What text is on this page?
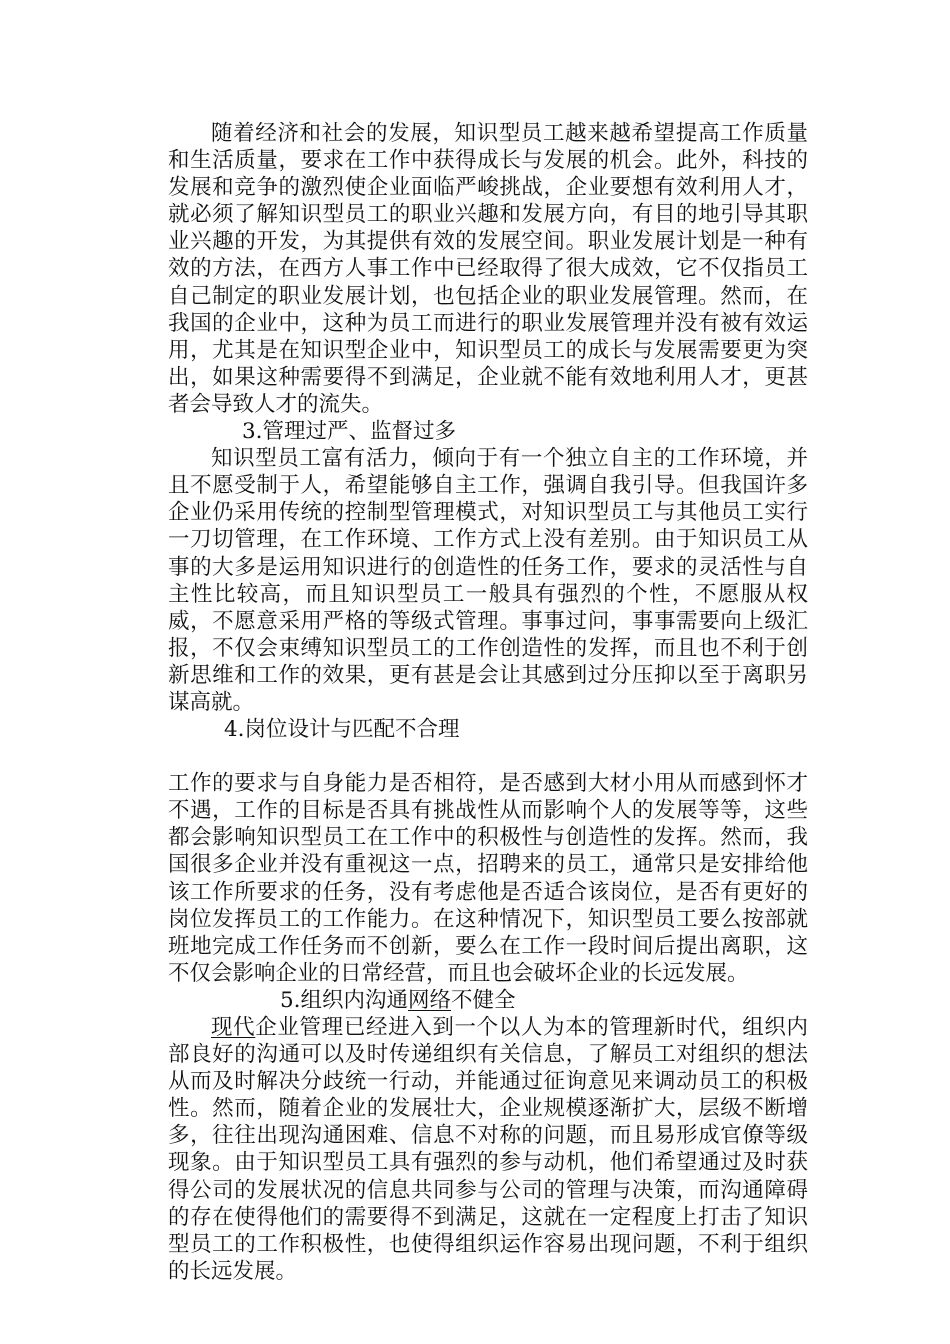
随着经济和社会的发展，知识型员工越来越希望提高工作质量和生活质量，要求在工作中获得成长与发展的机会。此外，科技的发展和竞争的激烈使企业面临严峻挑战，企业要想有效利用人才，就必须了解知识型员工的职业兴趣和发展方向，有目的地引导其职业兴趣的开发，为其提供有效的发展空间。职业发展计划是一种有效的方法，在西方人事工作中已经取得了很大成效，它不仅指员工自己制定的职业发展计划，也包括企业的职业发展管理。然而，在我国的企业中，这种为员工而进行的职业发展管理并没有被有效运用，尤其是在知识型企业中，知识型员工的成长与发展需要更为突出，如果这种需要得不到满足，企业就不能有效地利用人才，更甚者会导致人才的流失。

3.管理过严、监督过多

知识型员工富有活力，倾向于有一个独立自主的工作环境，并且不愿受制于人，希望能够自主工作，强调自我引导。但我国许多企业仍采用传统的控制型管理模式，对知识型员工与其他员工实行一刀切管理，在工作环境、工作方式上没有差别。由于知识员工从事的大多是运用知识进行的创造性的任务工作，要求的灵活性与自主性比较高，而且知识型员工一般具有强烈的个性，不愿服从权威，不愿意采用严格的等级式管理。事事过问，事事需要向上级汇报，不仅会束缚知识型员工的工作创造性的发挥，而且也不利于创新思维和工作的效果，更有甚是会让其感到过分压抑以至于离职另谋高就。

4.岗位设计与匹配不合理

工作的要求与自身能力是否相符，是否感到大材小用从而感到怀才不遇，工作的目标是否具有挑战性从而影响个人的发展等等，这些都会影响知识型员工在工作中的积极性与创造性的发挥。然而，我国很多企业并没有重视这一点，招聘来的员工，通常只是安排给他该工作所要求的任务，没有考虑他是否适合该岗位，是否有更好的岗位发挥员工的工作能力。在这种情况下，知识型员工要么按部就班地完成工作任务而不创新，要么在工作一段时间后提出离职，这不仅会影响企业的日常经营，而且也会破坏企业的长远发展。

5.组织内沟通网络不健全

现代企业管理已经进入到一个以人为本的管理新时代，组织内部良好的沟通可以及时传递组织有关信息，了解员工对组织的想法从而及时解决分歧统一行动，并能通过征询意见来调动员工的积极性。然而，随着企业的发展壮大，企业规模逐渐扩大，层级不断增多，往往出现沟通困难、信息不对称的问题，而且易形成官僚等级现象。由于知识型员工具有强烈的参与动机，他们希望通过及时获得公司的发展状况的信息共同参与公司的管理与决策，而沟通障碍的存在使得他们的需要得不到满足，这就在一定程度上打击了知识型员工的工作积极性，也使得组织运作容易出现问题，不利于组织的长远发展。
